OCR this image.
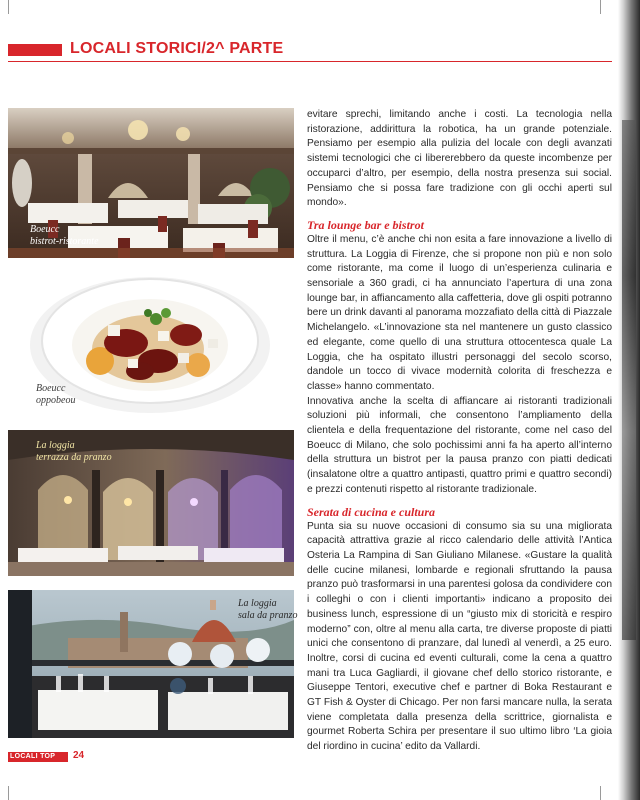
LOCALI STORICI/2^ PARTE
Boeucc
bistrot-ristorante
Boeucc
oppobeou
La loggia
terrazza da pranzo
La loggia
sala da pranzo

evitare sprechi, limitando anche i costi. La tecnologia nella ristorazione, addirittura la robotica, ha un grande potenziale. Pensiamo per esempio alla pulizia del locale con degli avanzati sistemi tecnologici che ci libererebbero da queste incombenze per occuparci d’altro, per esempio, della nostra presenza sui social. Pensiamo che si possa fare tradizione con gli occhi aperti sul mondo».

Tra lounge bar e bistrot

Oltre il menu, c’è anche chi non esita a fare innovazione a livello di struttura. La Loggia di Firenze, che si propone non più e non solo come ristorante, ma come il luogo di un’esperienza culinaria e sensoriale a 360 gradi, ci ha annunciato l’apertura di una zona lounge bar, in affiancamento alla caffetteria, dove gli ospiti potranno bere un drink davanti al panorama mozzafiato della città di Piazzale Michelangelo. «L’innovazione sta nel mantenere un gusto classico ed elegante, come quello di una struttura ottocentesca quale La Loggia, che ha ospitato illustri personaggi del secolo scorso, dandole un tocco di vivace modernità colorita di freschezza e classe» hanno commentato.

Innovativa anche la scelta di affiancare ai ristoranti tradizionali soluzioni più informali, che consentono l’ampliamento della clientela e della frequentazione del ristorante, come nel caso del Boeucc di Milano, che solo pochissimi anni fa ha aperto all’interno della struttura un bistrot per la pausa pranzo con piatti dedicati (insalatone oltre a quattro antipasti, quattro primi e quattro secondi) e prezzi contenuti rispetto al ristorante tradizionale.

Serata di cucina e cultura

Punta sia su nuove occasioni di consumo sia su una migliorata capacità attrattiva grazie al ricco calendario delle attività l’Antica Osteria La Rampina di San Giuliano Milanese. «Gustare la qualità delle cucine milanesi, lombarde e regionali sfruttando la pausa pranzo può trasformarsi in una parentesi golosa da condividere con i colleghi o con i clienti importanti» indicano a proposito dei business lunch, espressione di un “giusto mix di storicità e respiro moderno” con, oltre al menu alla carta, tre diverse proposte di piatti unici che consentono di pranzare, dal lunedì al venerdì, a 25 euro. Inoltre, corsi di cucina ed eventi culturali, come la cena a quattro mani tra Luca Gagliardi, il giovane chef dello storico ristorante, e Giuseppe Tentori, executive chef e partner di Boka Restaurant e GT Fish & Oyster di Chicago. Per non farsi mancare nulla, la serata viene completata dalla presenza della scrittrice, giornalista e gourmet Roberta Schira per presentare il suo ultimo libro ‘La gioia del riordino in cucina’ edito da Vallardi.

LOCALI TOP 24
